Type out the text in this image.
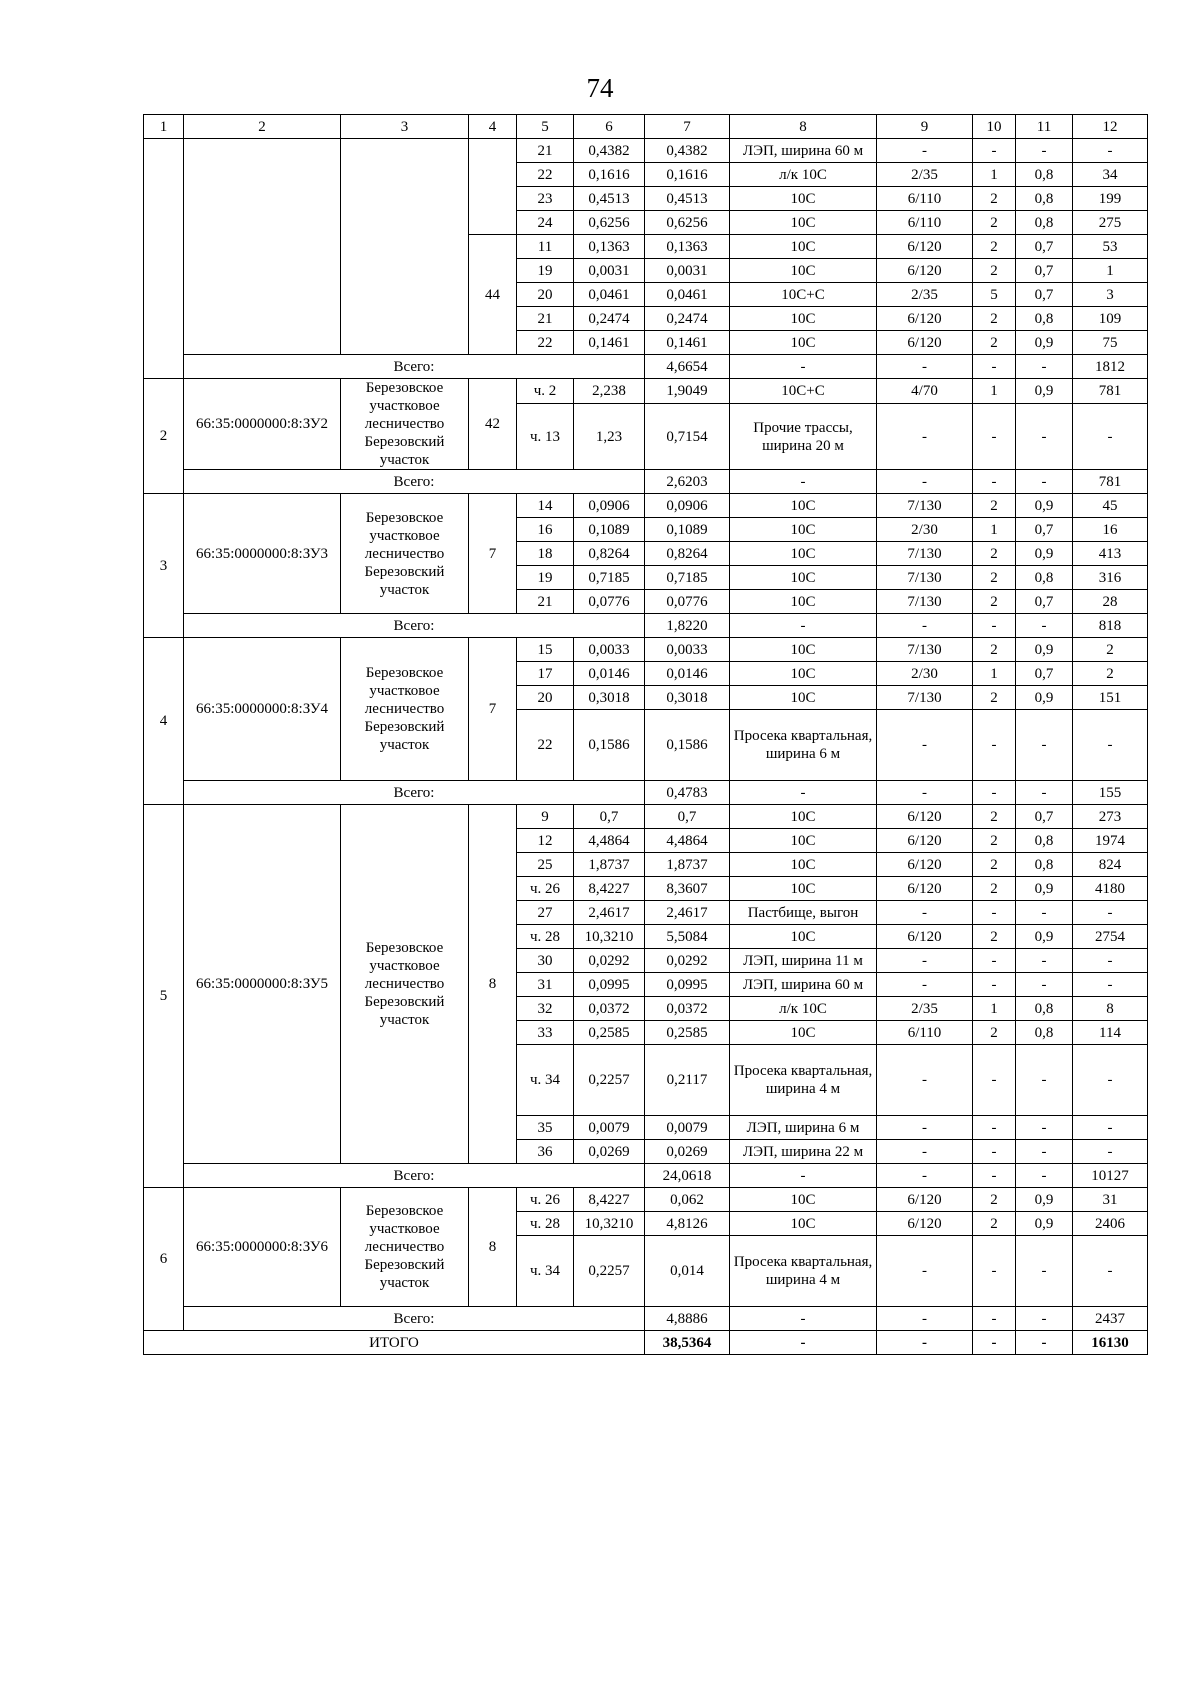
74
1	2	3	4	5	6	7	8	9	10	11	12
				21	0,4382	0,4382	ЛЭП, ширина 60 м	-	-	-	-
				22	0,1616	0,1616	л/к 10С	2/35	1	0,8	34
				23	0,4513	0,4513	10С	6/110	2	0,8	199
				24	0,6256	0,6256	10С	6/110	2	0,8	275
			44	11	0,1363	0,1363	10С	6/120	2	0,7	53
				19	0,0031	0,0031	10С	6/120	2	0,7	1
				20	0,0461	0,0461	10С+С	2/35	5	0,7	3
				21	0,2474	0,2474	10С	6/120	2	0,8	109
				22	0,1461	0,1461	10С	6/120	2	0,9	75
	Всего:					4,6654	-	-	-	-	1812
2	66:35:0000000:8:ЗУ2	Березовское участковое лесничество Березовский участок	42	ч. 2	2,238	1,9049	10С+С	4/70	1	0,9	781
				ч. 13	1,23	0,7154	Прочие трассы, ширина 20 м	-	-	-	-
	Всего:					2,6203	-	-	-	-	781
3	66:35:0000000:8:ЗУ3	Березовское участковое лесничество Березовский участок	7	14	0,0906	0,0906	10С	7/130	2	0,9	45
				16	0,1089	0,1089	10С	2/30	1	0,7	16
				18	0,8264	0,8264	10С	7/130	2	0,9	413
				19	0,7185	0,7185	10С	7/130	2	0,8	316
				21	0,0776	0,0776	10С	7/130	2	0,7	28
	Всего:					1,8220	-	-	-	-	818
4	66:35:0000000:8:ЗУ4	Березовское участковое лесничество Березовский участок	7	15	0,0033	0,0033	10С	7/130	2	0,9	2
				17	0,0146	0,0146	10С	2/30	1	0,7	2
				20	0,3018	0,3018	10С	7/130	2	0,9	151
				22	0,1586	0,1586	Просека квартальная, ширина 6 м	-	-	-	-
	Всего:					0,4783	-	-	-	-	155
5	66:35:0000000:8:ЗУ5	Березовское участковое лесничество Березовский участок	8	9	0,7	0,7	10С	6/120	2	0,7	273
				12	4,4864	4,4864	10С	6/120	2	0,8	1974
				25	1,8737	1,8737	10С	6/120	2	0,8	824
				ч. 26	8,4227	8,3607	10С	6/120	2	0,9	4180
				27	2,4617	2,4617	Пастбище, выгон	-	-	-	-
				ч. 28	10,3210	5,5084	10С	6/120	2	0,9	2754
				30	0,0292	0,0292	ЛЭП, ширина 11 м	-	-	-	-
				31	0,0995	0,0995	ЛЭП, ширина 60 м	-	-	-	-
				32	0,0372	0,0372	л/к 10С	2/35	1	0,8	8
				33	0,2585	0,2585	10С	6/110	2	0,8	114
				ч. 34	0,2257	0,2117	Просека квартальная, ширина 4 м	-	-	-	-
				35	0,0079	0,0079	ЛЭП, ширина 6 м	-	-	-	-
				36	0,0269	0,0269	ЛЭП, ширина 22 м	-	-	-	-
	Всего:					24,0618	-	-	-	-	10127
6	66:35:0000000:8:ЗУ6	Березовское участковое лесничество Березовский участок	8	ч. 26	8,4227	0,062	10С	6/120	2	0,9	31
				ч. 28	10,3210	4,8126	10С	6/120	2	0,9	2406
				ч. 34	0,2257	0,014	Просека квартальная, ширина 4 м	-	-	-	-
	Всего:					4,8886	-	-	-	-	2437
ИТОГО						38,5364	-	-	-	-	16130
